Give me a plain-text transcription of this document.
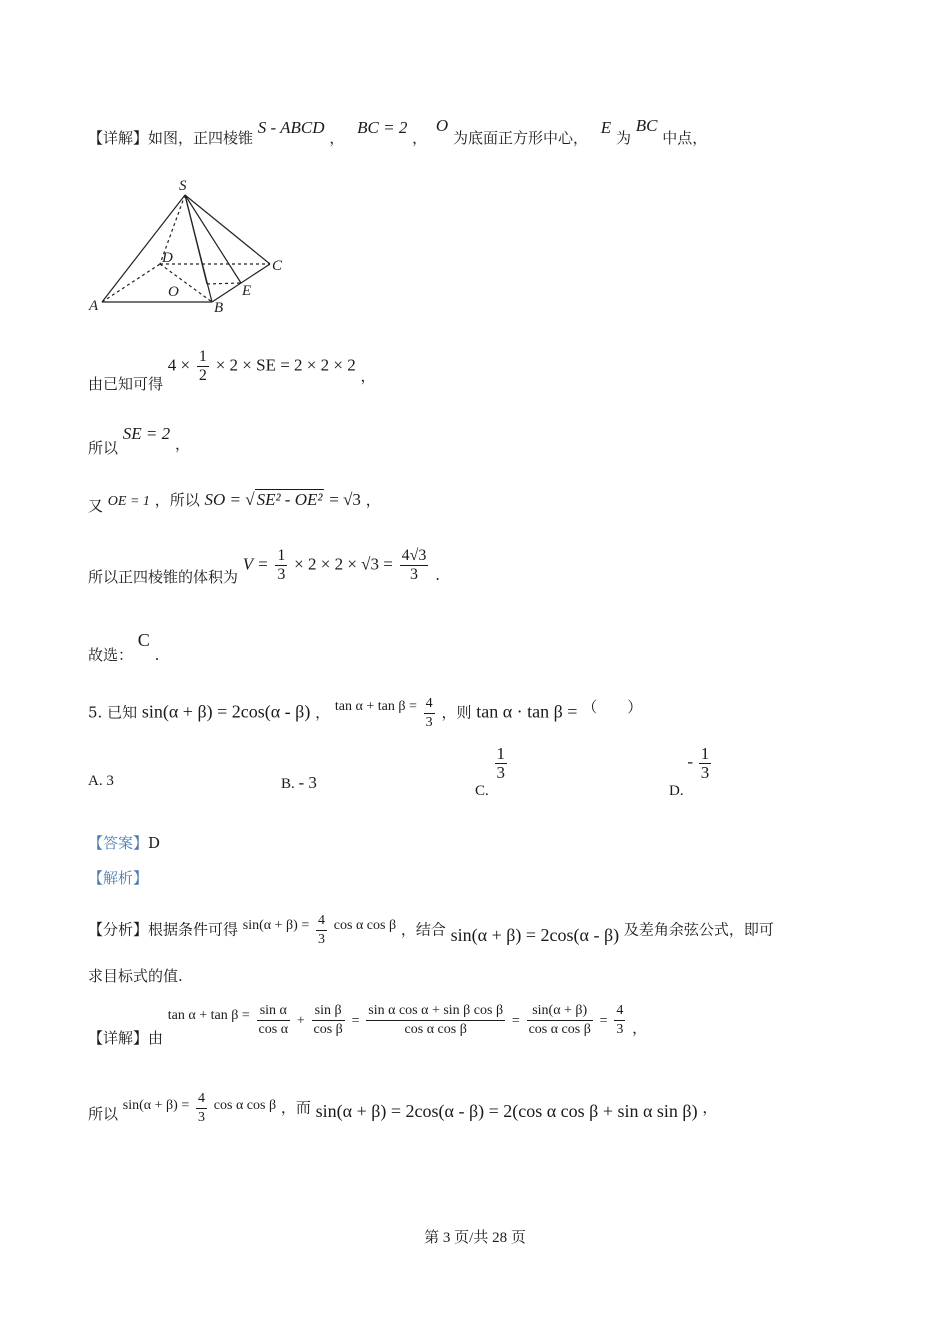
【详解】如图，正四棱锥 S - ABCD ， BC = 2 ， O 为底面正方形中心， E 为 BC 中点，
S
D	C
O	E
A	B
由已知可得 $4 \times \frac{1}{2} \times 2$ × SE = 2 × 2 × 2 ，
所以 SE = 2 ，
又 OE = 1 ，所以 SO = √ SE² - OE² = √3 ，
所以正四棱锥的体积为 $V = \frac{1}{3} \times 2 \times 2 \times √3 = \frac{4√3}{3}$ .
故选： C .
5. 已知 sin(α + β) = 2cos(α - β) ， $\tan \alpha + \tan \beta = \frac{4}{3}$ ，则 tan α · tan β = （　　）
A. 3	B. - 3	C.
$\frac{1}{3}$
D. - $\frac{1}{3}$
【答案】D
【解析】
【分析】根据条件可得 $\sin(\alpha + \beta) = \frac{4}{3}$ cos α cos β ，结合 sin(α + β) = 2cos(α - β) 及差角余弦公式，即可
求目标式的值.
【详解】由 $\tan \alpha + \tan \beta = \frac{\text{sin α}}{\text{cos α}} + \frac{\text{sin β}}{\text{cos β}} = \frac{\text{sin α cos α + sin β cos β}}{\text{cos α cos β}} = \frac{\sin(\alpha + \beta)}{\text{cos α cos β}} = \frac{4}{3}$ ，
所以 $\sin(\alpha + \beta) = \frac{4}{3}$ cos α cos β ，而 sin(α + β) = 2cos(α - β) = 2(cos α cos β + sin α sin β) ，
第 3 页/共 28 页
